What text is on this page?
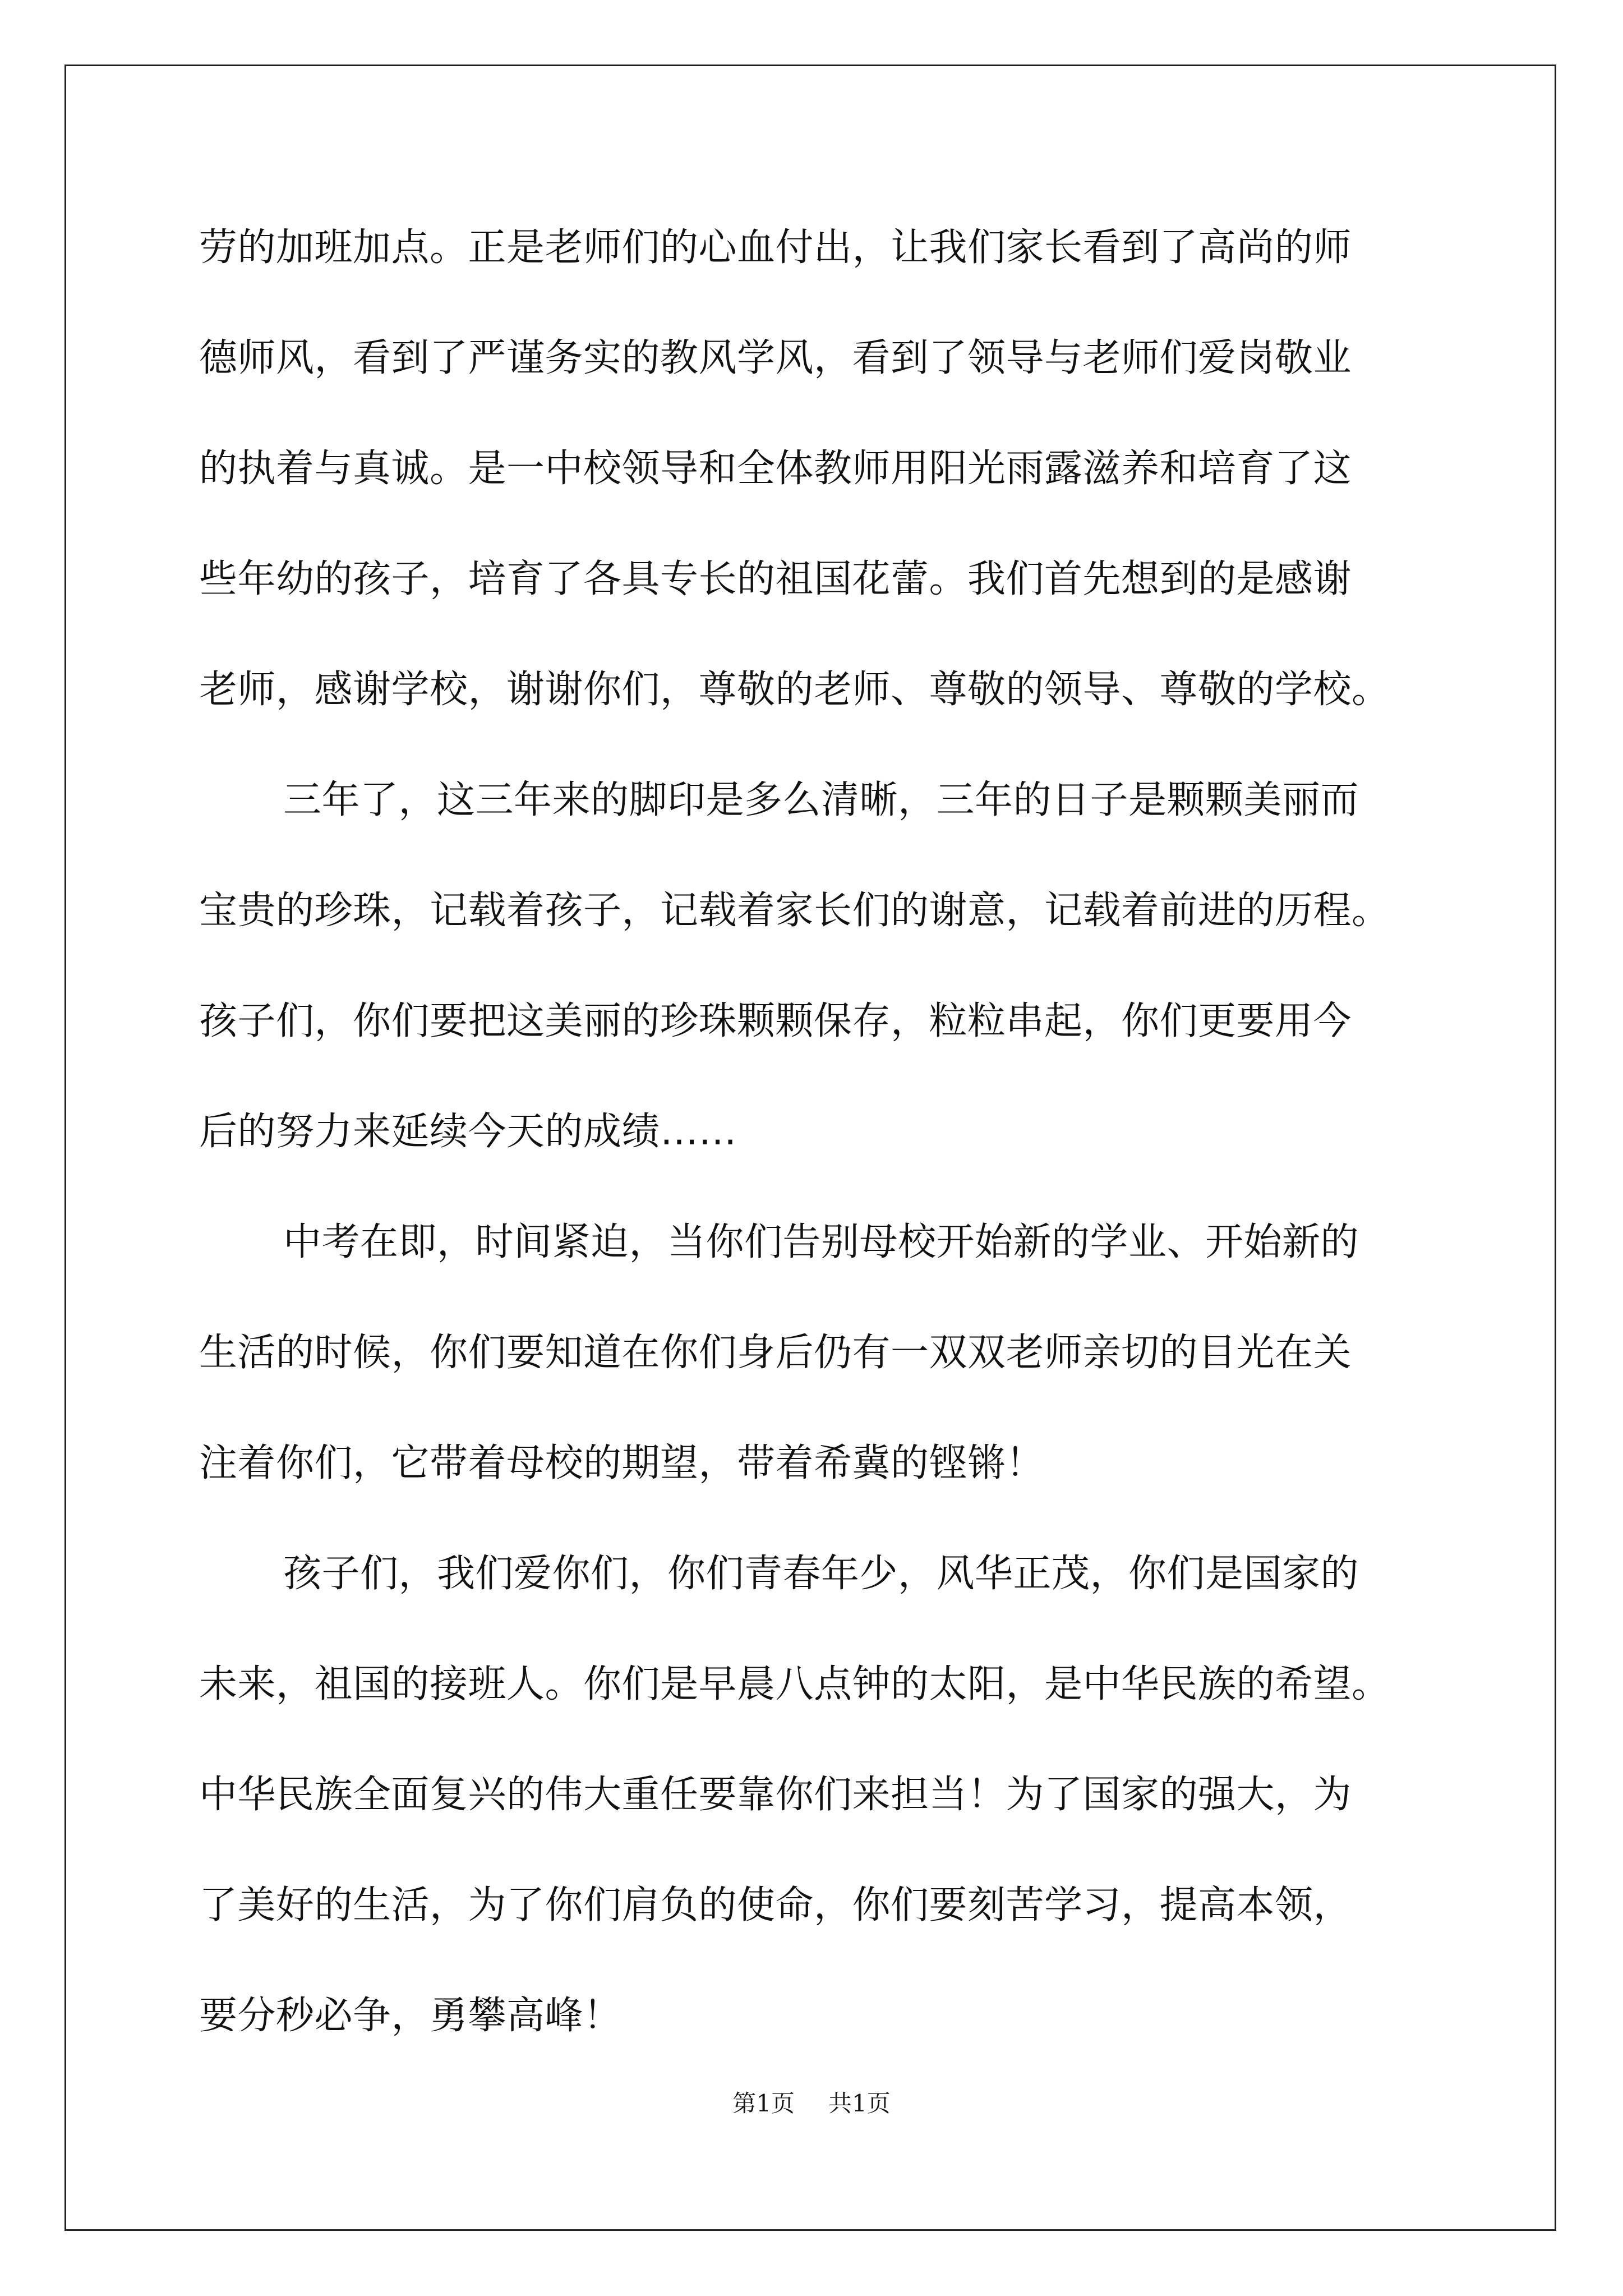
劳的加班加点。正是老师们的心血付出，让我们家长看到了高尚的师
德师风，看到了严谨务实的教风学风，看到了领导与老师们爱岗敬业
的执着与真诚。是一中校领导和全体教师用阳光雨露滋养和培育了这
些年幼的孩子，培育了各具专长的祖国花蕾。我们首先想到的是感谢
老师，感谢学校，谢谢你们，尊敬的老师、尊敬的领导、尊敬的学校。
三年了，这三年来的脚印是多么清晰，三年的日子是颗颗美丽而
宝贵的珍珠，记载着孩子，记载着家长们的谢意，记载着前进的历程。
孩子们，你们要把这美丽的珍珠颗颗保存，粒粒串起，你们更要用今
后的努力来延续今天的成绩……
中考在即，时间紧迫，当你们告别母校开始新的学业、开始新的
生活的时候，你们要知道在你们身后仍有一双双老师亲切的目光在关
注着你们，它带着母校的期望，带着希冀的铿锵！
孩子们，我们爱你们，你们青春年少，风华正茂，你们是国家的
未来，祖国的接班人。你们是早晨八点钟的太阳，是中华民族的希望。
中华民族全面复兴的伟大重任要靠你们来担当！为了国家的强大，为
了美好的生活，为了你们肩负的使命，你们要刻苦学习，提高本领，
要分秒必争，勇攀高峰！
第1页 共1页
